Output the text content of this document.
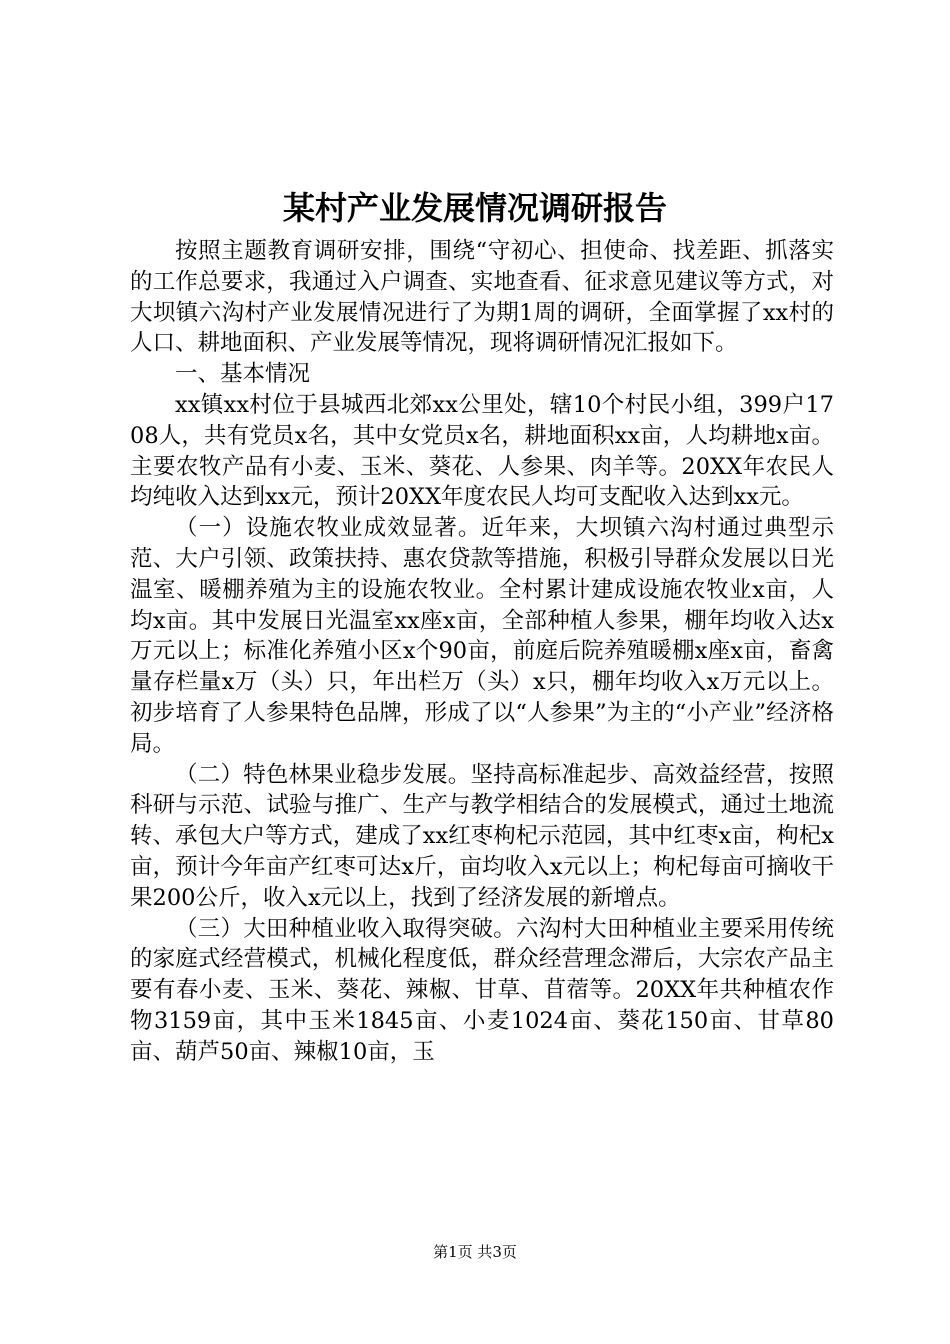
某村产业发展情况调研报告

按照主题教育调研安排，围绕“守初心、担使命、找差距、抓落实的工作总要求，我通过入户调查、实地查看、征求意见建议等方式，对大坝镇六沟村产业发展情况进行了为期1周的调研，全面掌握了xx村的人口、耕地面积、产业发展等情况，现将调研情况汇报如下。

一、基本情况

xx镇xx村位于县城西北郊xx公里处，辖10个村民小组，399户1708人，共有党员x名，其中女党员x名，耕地面积xx亩，人均耕地x亩。主要农牧产品有小麦、玉米、葵花、人参果、肉羊等。20XX年农民人均纯收入达到xx元，预计20XX年度农民人均可支配收入达到xx元。

（一）设施农牧业成效显著。近年来，大坝镇六沟村通过典型示范、大户引领、政策扶持、惠农贷款等措施，积极引导群众发展以日光温室、暖棚养殖为主的设施农牧业。全村累计建成设施农牧业x亩，人均x亩。其中发展日光温室xx座x亩，全部种植人参果，棚年均收入达x万元以上；标准化养殖小区x个90亩，前庭后院养殖暖棚x座x亩，畜禽量存栏量x万（头）只，年出栏万（头）x只，棚年均收入x万元以上。初步培育了人参果特色品牌，形成了以“人参果”为主的“小产业”经济格局。

（二）特色林果业稳步发展。坚持高标准起步、高效益经营，按照科研与示范、试验与推广、生产与教学相结合的发展模式，通过土地流转、承包大户等方式，建成了xx红枣枸杞示范园，其中红枣x亩，枸杞x亩，预计今年亩产红枣可达x斤，亩均收入x元以上；枸杞每亩可摘收干果200公斤，收入x元以上，找到了经济发展的新增点。

（三）大田种植业收入取得突破。六沟村大田种植业主要采用传统的家庭式经营模式，机械化程度低，群众经营理念滞后，大宗农产品主要有春小麦、玉米、葵花、辣椒、甘草、苜蓿等。20XX年共种植农作物3159亩，其中玉米1845亩、小麦1024亩、葵花150亩、甘草80亩、葫芦50亩、辣椒10亩，玉

第1页 共3页
